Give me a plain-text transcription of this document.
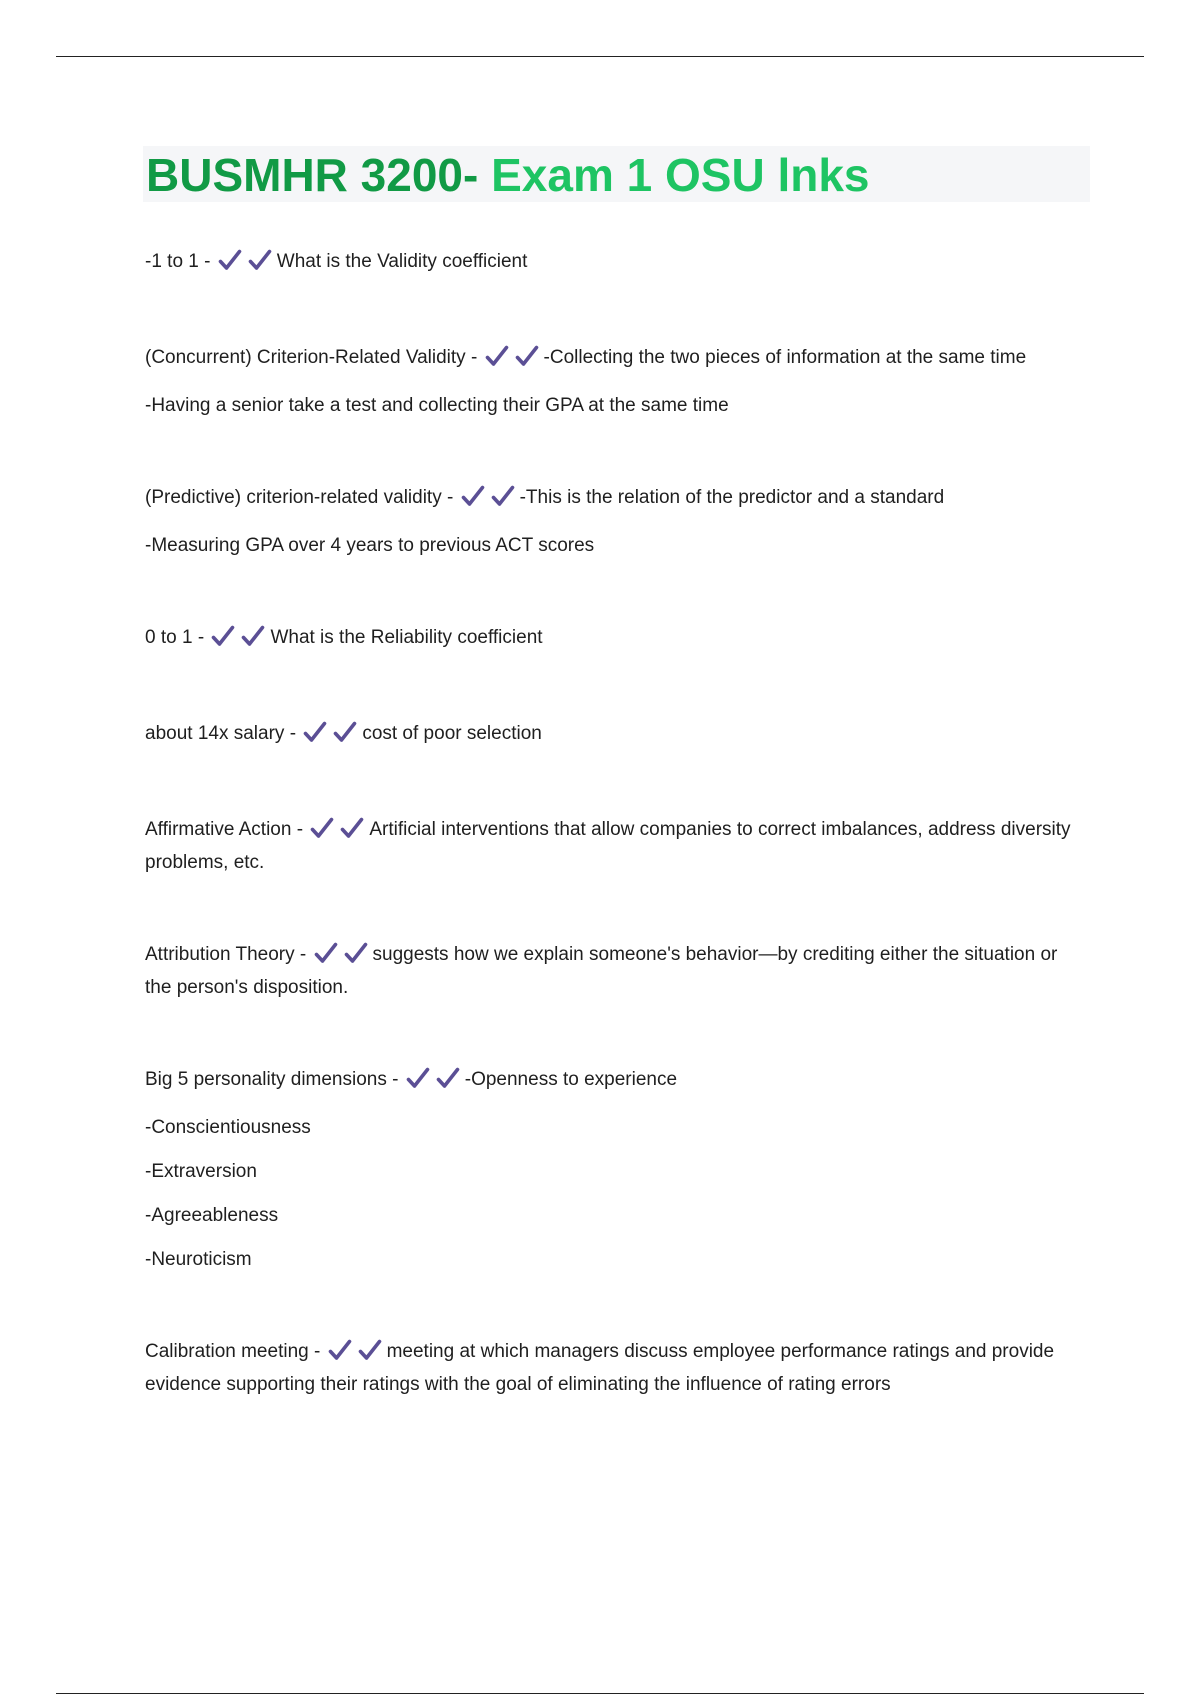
BUSMHR 3200- Exam 1 OSU lnks

-1 to 1 -	What is the Validity coefficient

(Concurrent) Criterion-Related Validity -	-Collecting the two pieces of information at the same time

-Having a senior take a test and collecting their GPA at the same time

(Predictive) criterion-related validity -	-This is the relation of the predictor and a standard

-Measuring GPA over 4 years to previous ACT scores

0 to 1 -	What is the Reliability coefficient

about 14x salary -	cost of poor selection

Affirmative Action -	Artificial interventions that allow companies to correct imbalances, address diversity problems, etc.

Attribution Theory -	suggests how we explain someone's behavior—by crediting either the situation or the person's disposition.

Big 5 personality dimensions -	-Openness to experience

-Conscientiousness

-Extraversion

-Agreeableness

-Neuroticism

Calibration meeting -	meeting at which managers discuss employee performance ratings and provide evidence supporting their ratings with the goal of eliminating the influence of rating errors
